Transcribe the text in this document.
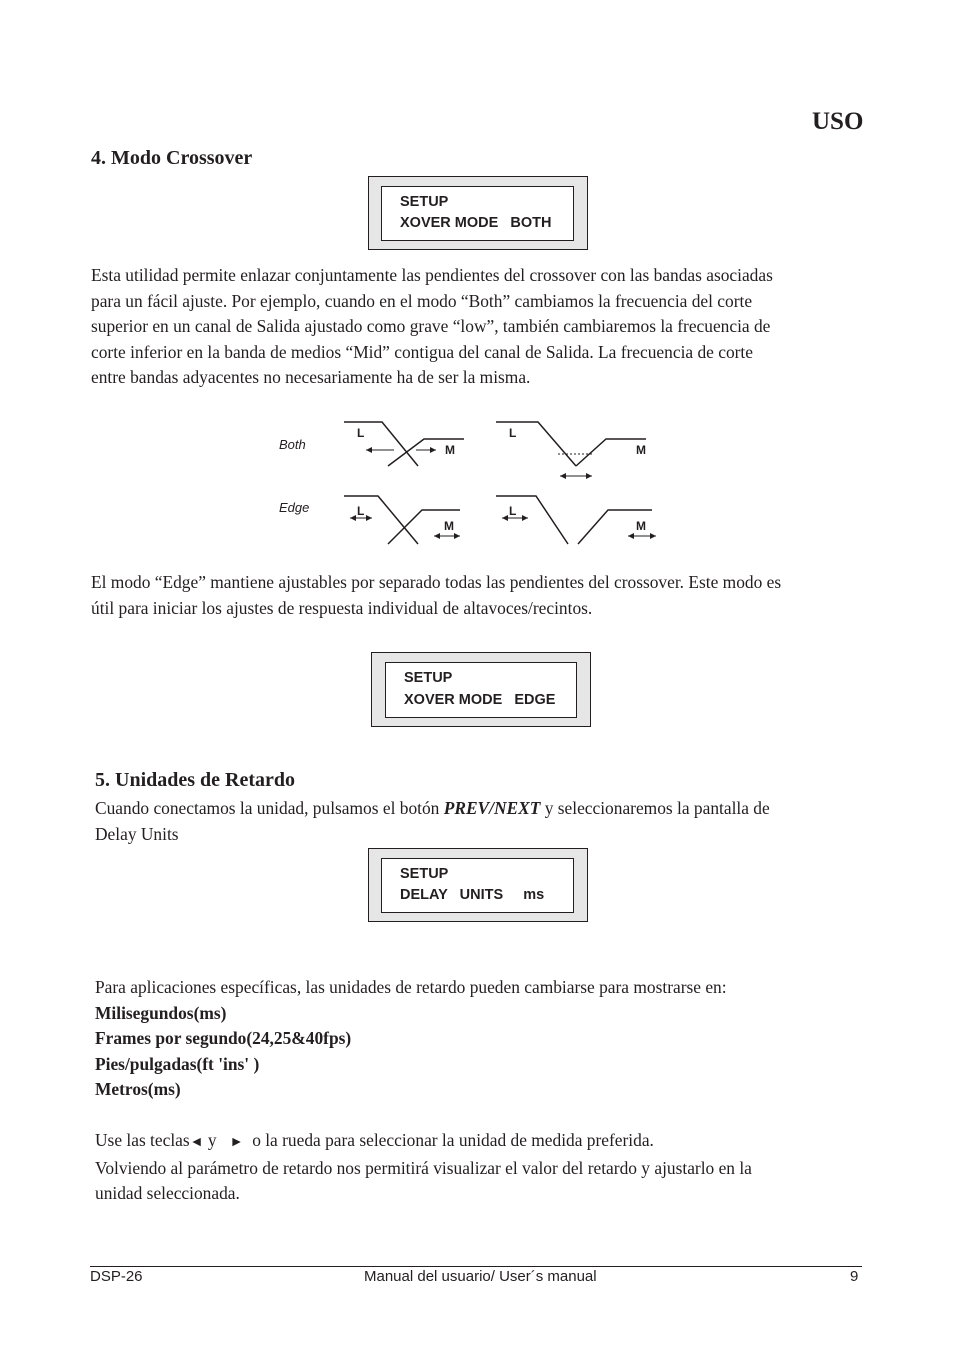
USO
4. Modo Crossover
SETUP
XOVER MODE   BOTH
Esta utilidad permite enlazar conjuntamente las pendientes del crossover con las bandas asociadas
para un fácil ajuste. Por ejemplo, cuando en el modo “Both” cambiamos la frecuencia del corte
superior en un canal de Salida ajustado como grave “low”, también cambiaremos la frecuencia de
corte inferior en la banda de medios “Mid” contigua del canal de Salida. La frecuencia de corte
entre bandas adyacentes no necesariamente ha de ser la misma.
Both
Edge
L
M
L
M
L
M
L
M
El modo “Edge” mantiene ajustables por separado todas las pendientes del crossover. Este modo es
útil para iniciar los ajustes de respuesta individual de altavoces/recintos.
SETUP
XOVER MODE   EDGE
5. Unidades de Retardo
Cuando conectamos la unidad, pulsamos el botón PREV/NEXT y seleccionaremos la pantalla de
Delay Units
SETUP
DELAY   UNITS     ms
Para aplicaciones específicas, las unidades de retardo pueden cambiarse para mostrarse en:
Milisegundos(ms)
Frames por segundo(24,25&40fps)
Pies/pulgadas(ft 'ins' )
Metros(ms)
Use las teclas◄ y ► o la rueda para seleccionar la unidad de medida preferida.
Volviendo al parámetro de retardo nos permitirá visualizar el valor del retardo y ajustarlo en la
unidad seleccionada.
DSP-26	Manual del usuario/ User´s manual	9
